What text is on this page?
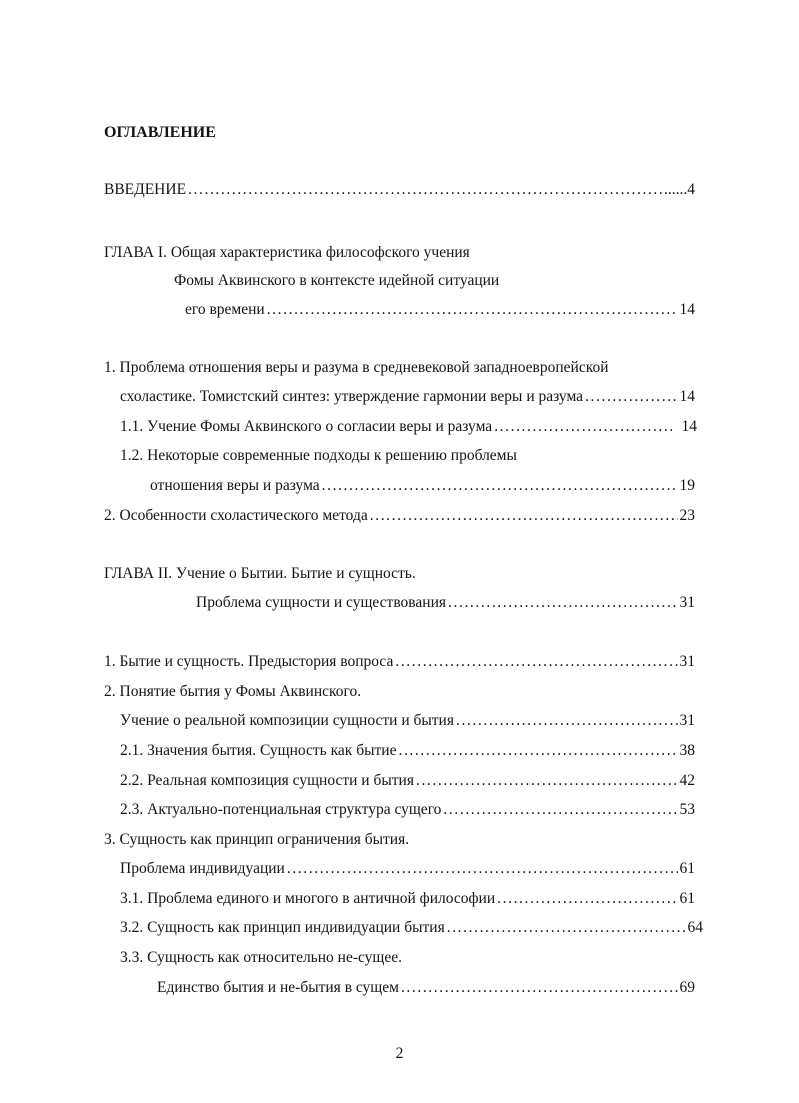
ОГЛАВЛЕНИЕ
ВВЕДЕНИЕ .....	......4
ГЛАВА I. Общая характеристика философского учения
Фомы Аквинского в контексте идейной ситуации
его времени .....	14
1. Проблема отношения веры и разума в средневековой западноевропейской
схоластике. Томистский синтез: утверждение гармонии веры и разума .....	14
1.1. Учение Фомы Аквинского о согласии веры и разума .....	14
1.2. Некоторые современные подходы к решению проблемы
отношения веры и разума .....	19
2. Особенности схоластического метода .....	23
ГЛАВА II. Учение о Бытии. Бытие и сущность.
Проблема сущности и существования .....	31
1. Бытие и сущность. Предыстория вопроса .....	31
2. Понятие бытия у Фомы Аквинского.
Учение о реальной композиции сущности и бытия .....	31
2.1. Значения бытия. Сущность как бытие .....	38
2.2. Реальная композиция сущности и бытия .....	42
2.3. Актуально-потенциальная структура сущего .....	53
3. Сущность как принцип ограничения бытия.
Проблема индивидуации .....	61
3.1. Проблема единого и многого в античной философии .....	61
3.2. Сущность как принцип индивидуации бытия .....	64
3.3. Сущность как относительно не-сущее.
Единство бытия и не-бытия в сущем .....	69
2
